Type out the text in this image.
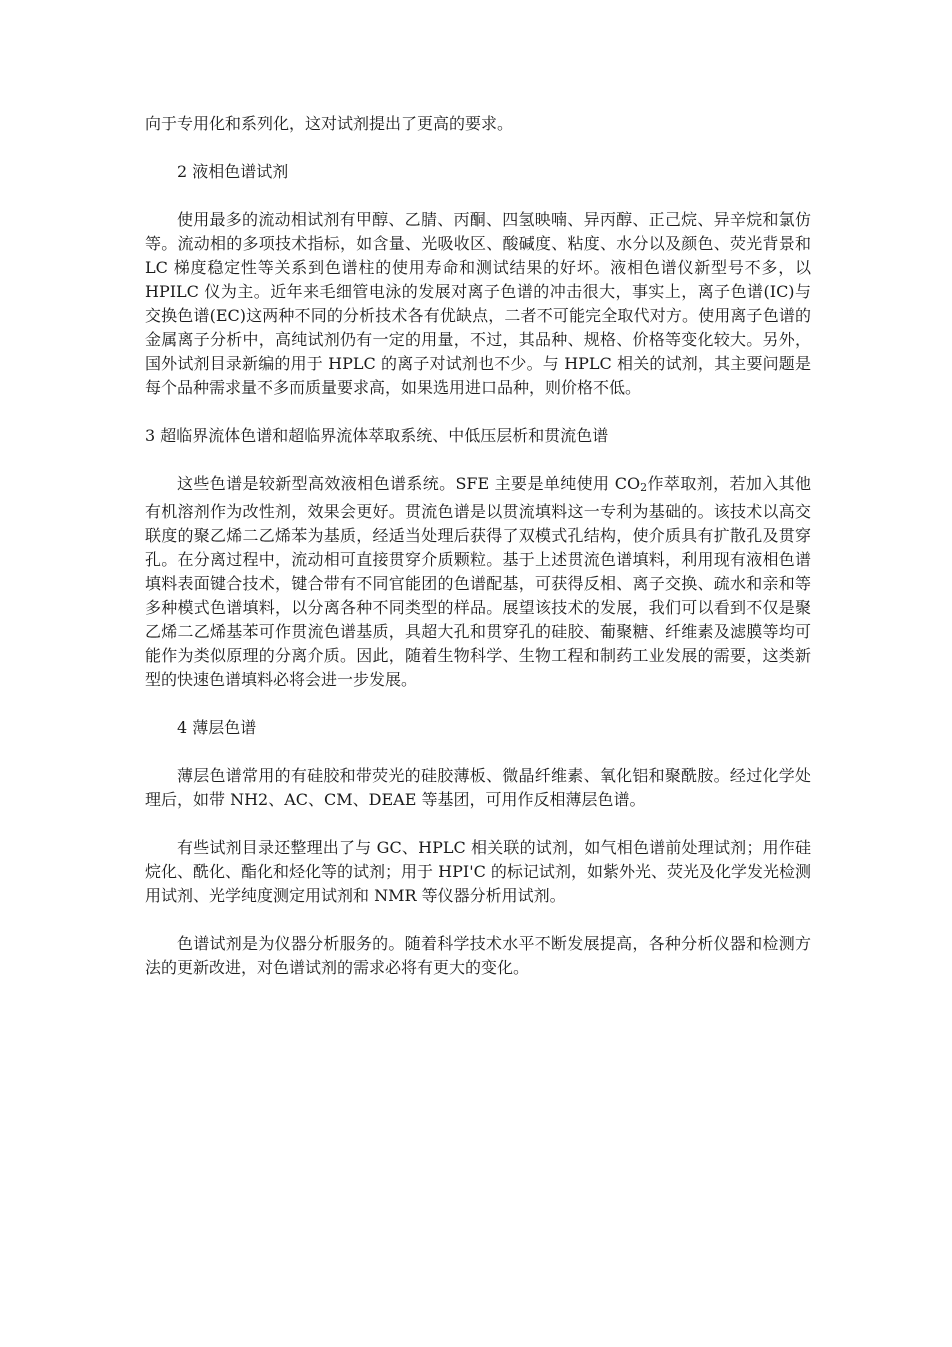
向于专用化和系列化，这对试剂提出了更高的要求。

2 液相色谱试剂

使用最多的流动相试剂有甲醇、乙腈、丙酮、四氢映喃、异丙醇、正己烷、异辛烷和氯仿等。流动相的多项技术指标，如含量、光吸收区、酸碱度、粘度、水分以及颜色、荧光背景和 LC 梯度稳定性等关系到色谱柱的使用寿命和测试结果的好坏。液相色谱仪新型号不多，以 HPILC 仪为主。近年来毛细管电泳的发展对离子色谱的冲击很大，事实上，离子色谱(IC)与交换色谱(EC)这两种不同的分析技术各有优缺点，二者不可能完全取代对方。使用离子色谱的金属离子分析中，高纯试剂仍有一定的用量，不过，其品种、规格、价格等变化较大。另外，国外试剂目录新编的用于 HPLC 的离子对试剂也不少。与 HPLC 相关的试剂，其主要问题是每个品种需求量不多而质量要求高，如果选用进口品种，则价格不低。

3 超临界流体色谱和超临界流体萃取系统、中低压层析和贯流色谱

这些色谱是较新型高效液相色谱系统。SFE 主要是单纯使用 CO2作萃取剂，若加入其他有机溶剂作为改性剂，效果会更好。贯流色谱是以贯流填料这一专利为基础的。该技术以高交联度的聚乙烯二乙烯苯为基质，经适当处理后获得了双模式孔结构，使介质具有扩散孔及贯穿孔。在分离过程中，流动相可直接贯穿介质颗粒。基于上述贯流色谱填料，利用现有液相色谱填料表面键合技术，键合带有不同官能团的色谱配基，可获得反相、离子交换、疏水和亲和等多种模式色谱填料，以分离各种不同类型的样品。展望该技术的发展，我们可以看到不仅是聚乙烯二乙烯基苯可作贯流色谱基质，具超大孔和贯穿孔的硅胶、葡聚糖、纤维素及滤膜等均可能作为类似原理的分离介质。因此，随着生物科学、生物工程和制药工业发展的需要，这类新型的快速色谱填料必将会进一步发展。

4 薄层色谱

薄层色谱常用的有硅胶和带荧光的硅胶薄板、微晶纤维素、氧化铝和聚酰胺。经过化学处理后，如带 NH2、AC、CM、DEAE 等基团，可用作反相薄层色谱。

有些试剂目录还整理出了与 GC、HPLC 相关联的试剂，如气相色谱前处理试剂；用作硅烷化、酰化、酯化和烃化等的试剂；用于 HPI'C 的标记试剂，如紫外光、荧光及化学发光检测用试剂、光学纯度测定用试剂和 NMR 等仪器分析用试剂。

色谱试剂是为仪器分析服务的。随着科学技术水平不断发展提高，各种分析仪器和检测方法的更新改进，对色谱试剂的需求必将有更大的变化。
